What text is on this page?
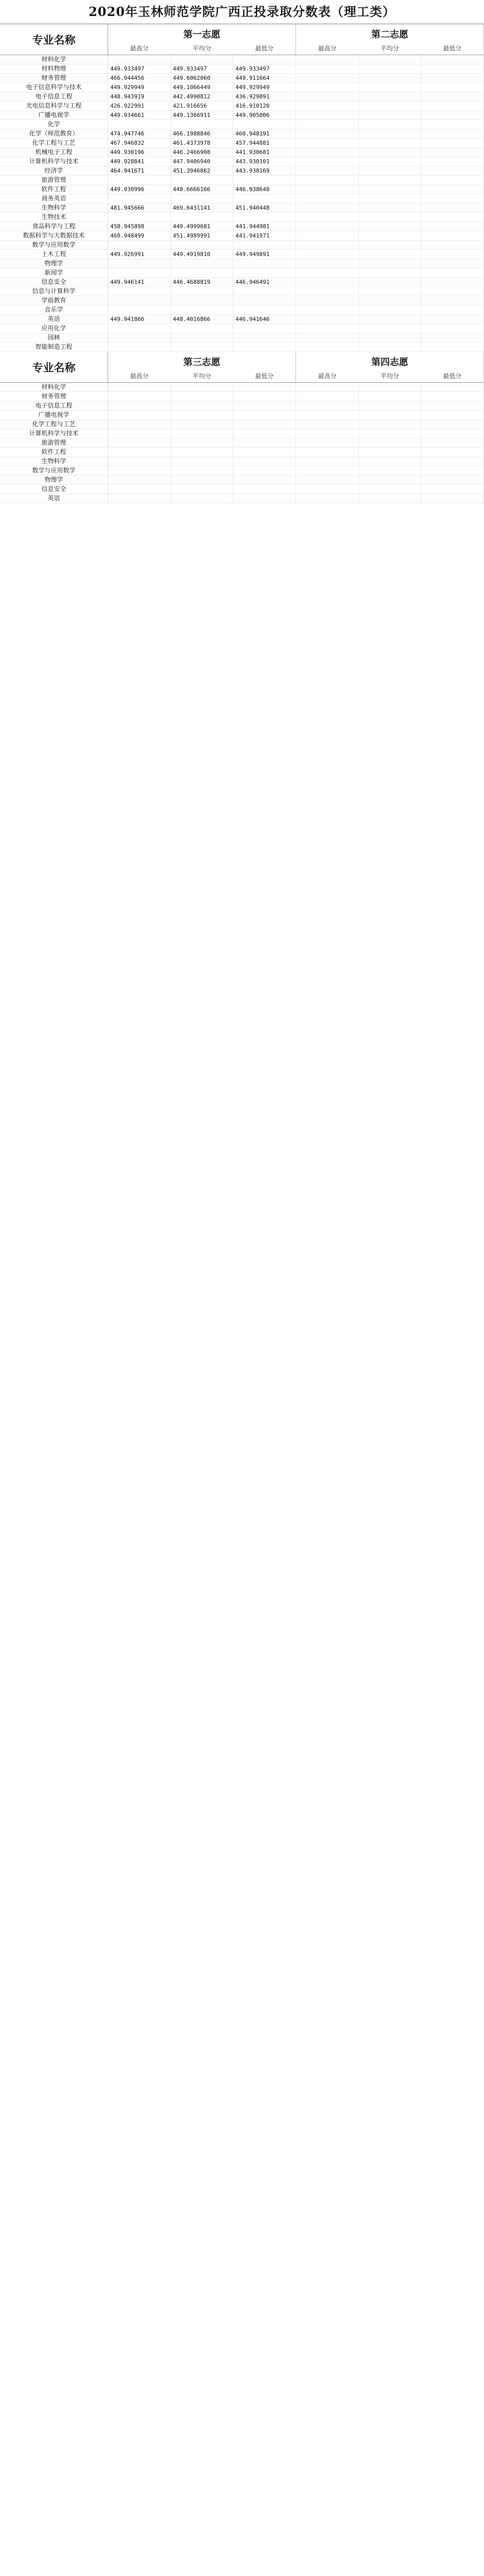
2020年玉林师范学院广西正投录取分数表（理工类）
专业名称	第一志愿	第二志愿
最高分	平均分	最低分	最高分	平均分	最低分
材料化学
材料物理	449.933497	449.933497	449.933497
财务管理	466.944456	449.6062060	449.911664
电子信息科学与技术	449.929949	449.1066449	449.929949
电子信息工程	448.943919	442.4990812	436.929891
光电信息科学与工程	426.922991	421.916656	416.910120
广播电视学	449.934661	449.1366911	449.905006
化学
化学（师范教育）	474.947746	466.1988846	460.948191
化学工程与工艺	467.946832	461.4373978	457.944881
机械电子工程	449.930196	446.2466908	441.930681
计算机科学与技术	449.928841	447.9406940	443.930101
经济学	464.941671	451.3946862	443.938169
旅游管理
软件工程	449.930996	448.6666166	446.938648
商务英语
生物科学	481.945666	469.6431141	451.940448
生物技术
食品科学与工程	458.945898	449.4999681	441.944981
数据科学与大数据技术	460.948499	451.4989991	441.941971
数学与应用数学
土木工程	449.926991	449.4919810	449.949891
物理学
新闻学
信息安全	449.946141	446.4688819	446.946491
信息与计算科学
学前教育
音乐学
英语	449.941866	448.4016866	446.941646
应用化学
园林
智能制造工程
专业名称	第三志愿	第四志愿
最高分	平均分	最低分	最高分	平均分	最低分
材料化学
财务管理
电子信息工程
广播电视学
化学工程与工艺
计算机科学与技术
旅游管理
软件工程
生物科学
数学与应用数学
物理学
信息安全
英语
